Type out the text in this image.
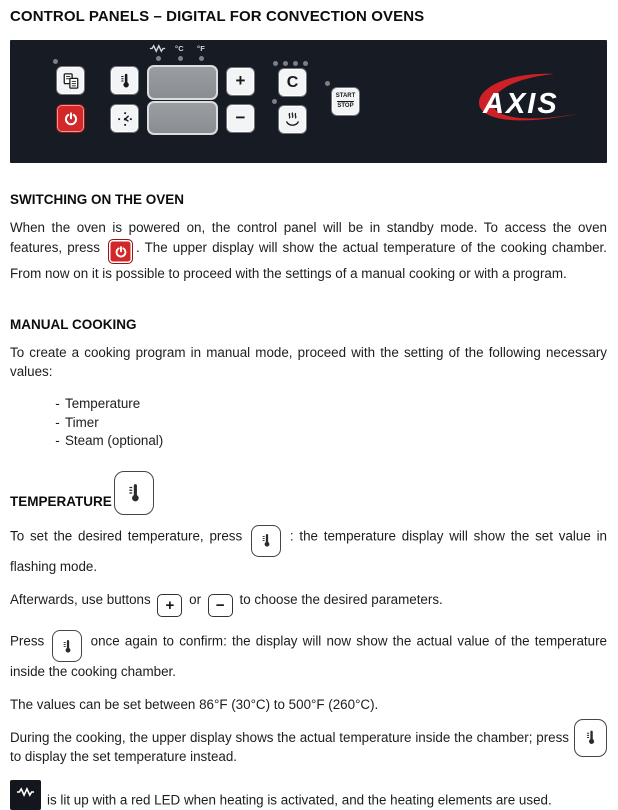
CONTROL PANELS – DIGITAL FOR CONVECTION OVENS
°C °F
+
−
C
START
STOP	AXIS
SWITCHING ON THE OVEN

When the oven is powered on, the control panel will be in standby mode. To access the oven features, press	. The upper display will show the actual temperature of the cooking chamber. From now on it is possible to proceed with the settings of a manual cooking or with a program.

MANUAL COOKING

To create a cooking program in manual mode, proceed with the setting of the following necessary values:

- Temperature
- Timer
- Steam (optional)
TEMPERATURE

To set the desired temperature, press	: the temperature display will show the set value in flashing mode.

Afterwards, use buttons + or − to choose the desired parameters.

Press	once again to confirm: the display will now show the actual value of the temperature inside the cooking chamber.

The values can be set between 86°F (30°C) to 500°F (260°C).

During the cooking, the upper display shows the actual temperature inside the chamber; press to display the set temperature instead.

is lit up with a red LED when heating is activated, and the heating elements are used.
